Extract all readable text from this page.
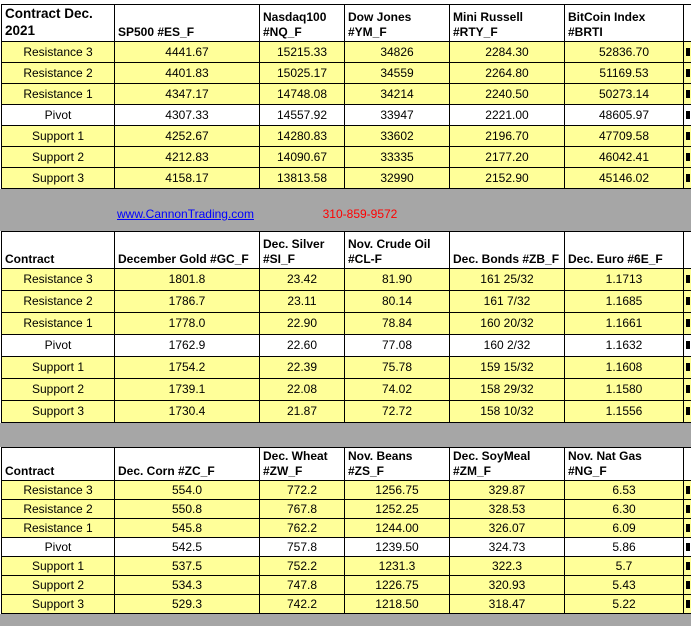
Contract Dec. 2021	SP500 #ES_F	Nasdaq100 #NQ_F	Dow Jones #YM_F	Mini Russell #RTY_F	BitCoin Index #BRTI	
Resistance 3	4441.67	15215.33	34826	2284.30	52836.70	
Resistance 2	4401.83	15025.17	34559	2264.80	51169.53	
Resistance 1	4347.17	14748.08	34214	2240.50	50273.14	
Pivot	4307.33	14557.92	33947	2221.00	48605.97	
Support 1	4252.67	14280.83	33602	2196.70	47709.58	
Support 2	4212.83	14090.67	33335	2177.20	46042.41	
Support 3	4158.17	13813.58	32990	2152.90	45146.02	
www.CannonTrading.com	310-859-9572
Contract	December Gold #GC_F	Dec. Silver #SI_F	Nov. Crude Oil #CL-F	Dec. Bonds #ZB_F	Dec. Euro #6E_F	
Resistance 3	1801.8	23.42	81.90	161 25/32	1.1713	
Resistance 2	1786.7	23.11	80.14	161 7/32	1.1685	
Resistance 1	1778.0	22.90	78.84	160 20/32	1.1661	
Pivot	1762.9	22.60	77.08	160 2/32	1.1632	
Support 1	1754.2	22.39	75.78	159 15/32	1.1608	
Support 2	1739.1	22.08	74.02	158 29/32	1.1580	
Support 3	1730.4	21.87	72.72	158 10/32	1.1556	
Contract	Dec. Corn #ZC_F	Dec. Wheat #ZW_F	Nov. Beans #ZS_F	Dec. SoyMeal #ZM_F	Nov. Nat Gas #NG_F	
Resistance 3	554.0	772.2	1256.75	329.87	6.53	
Resistance 2	550.8	767.8	1252.25	328.53	6.30	
Resistance 1	545.8	762.2	1244.00	326.07	6.09	
Pivot	542.5	757.8	1239.50	324.73	5.86	
Support 1	537.5	752.2	1231.3	322.3	5.7	
Support 2	534.3	747.8	1226.75	320.93	5.43	
Support 3	529.3	742.2	1218.50	318.47	5.22	
